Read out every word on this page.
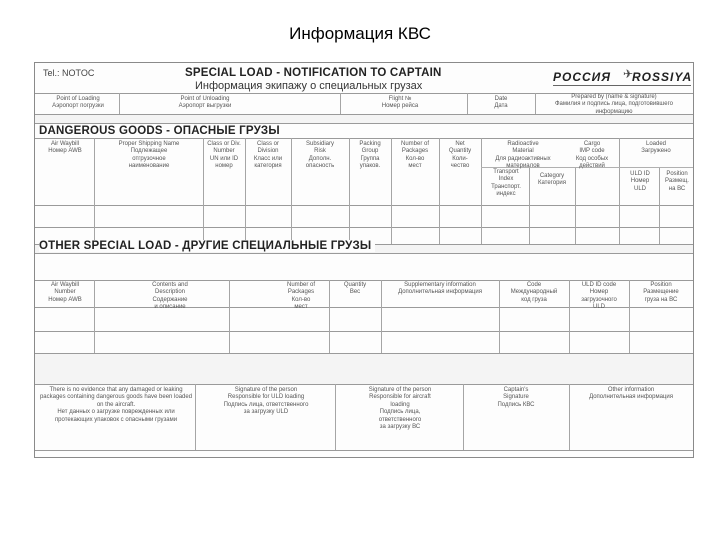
Информация КВС
Tel.: NOTOC	SPECIAL LOAD - NOTIFICATION TO CAPTAIN
Информация экипажу о специальных грузах
РОССИЯ ✈
ROSSIYA
Point of Loading
Аэропорт погрузки
Point of Unloading
Аэропорт выгрузки
Flight №
Номер рейса
Date
Дата
Prepared by (name & signature)
Фамилия и подпись лица, подготовившего информацию
DANGEROUS GOODS - ОПАСНЫЕ ГРУЗЫ
Air Waybill
Номер AWB
Proper Shipping Name
Подлежащее
отгрузочное
наименование
Class or Div.
Number
UN или ID
номер
Class or
Division
Класс или
категория
Subsidiary
Risk
Дополн.
опасность
Packing
Group
Группа
упаков.
Number of
Packages
Кол-во
мест
Net
Quantity
Коли-
чество
Radioactive
Material
Для радиоактивных
материалов
Cargo
IMP code
Код особых
действий
Loaded
Загружено
Transport
Index
Транспорт.
индекс
Category
Категория
ULD ID
Номер
ULD
Position
Размещ.
на ВС
OTHER SPECIAL LOAD - ДРУГИЕ СПЕЦИАЛЬНЫЕ ГРУЗЫ
Air Waybill
Number
Номер AWB
Contents and
Description
Содержание
и описание
Number of
Packages
Кол-во
мест
Quantity
Вес
Supplementary information
Дополнительная информация
Code
Международный
код груза
ULD ID code
Номер
загрузочного
ULD
Position
Размещение
груза на ВС
There is no evidence that any damaged or leaking packages containing dangerous goods have been loaded on the aircraft.
Нет данных о загрузке поврежденных или протекающих упаковок с опасными грузами
Signature of the person
Responsible for ULD loading
Подпись лица, ответственного
за загрузку ULD
Signature of the person
Responsible for aircraft
loading
Подпись лица,
ответственного
за загрузку ВС
Captain's
Signature
Подпись КВС
Other information
Дополнительная информация
